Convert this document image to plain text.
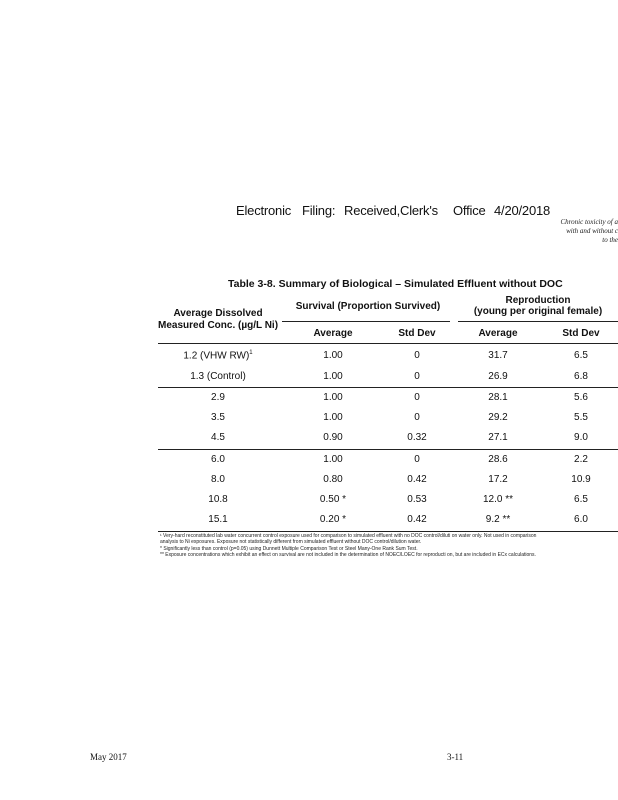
Electronic Filing: Received,Clerk's Office 4/20/2018
Chronic toxicity of a
with and without c
to the
Table 3-8. Summary of Biological – Simulated Effluent without DOC
Average Dissolved
Measured Conc. (µg/L Ni)
Survival (Proportion Survived)
Reproduction
(young per original female)
Average	Std Dev	Average	Std Dev
1.2 (VHW RW)$^1$	1.00	0	31.7	6.5
1.3 (Control)	1.00	0	26.9	6.8
2.9	1.00	0	28.1	5.6
3.5	1.00	0	29.2	5.5
4.5	0.90	0.32	27.1	9.0
6.0	1.00	0	28.6	2.2
8.0	0.80	0.42	17.2	10.9
10.8	0.50 *	0.53	12.0 **	6.5
15.1	0.20 *	0.42	9.2 **	6.0
¹ Very-hard reconstituted lab water concurrent control exposure used for comparison to simulated effluent with no DOC control/diluti on water only. Not used in comparison
analysis to Ni exposures. Exposure not statistically different from simulated effluent without DOC control/dilution water.
* Significantly less than control (p=0.05) using Dunnett Multiple Comparison Test or Steel Many-One Rank Sum Test.
** Exposure concentrations which exhibit an effect on survival are not included in the determination of NOEC/LOEC for reproducti on, but are included in ECx calculations.
May 2017	3-11
